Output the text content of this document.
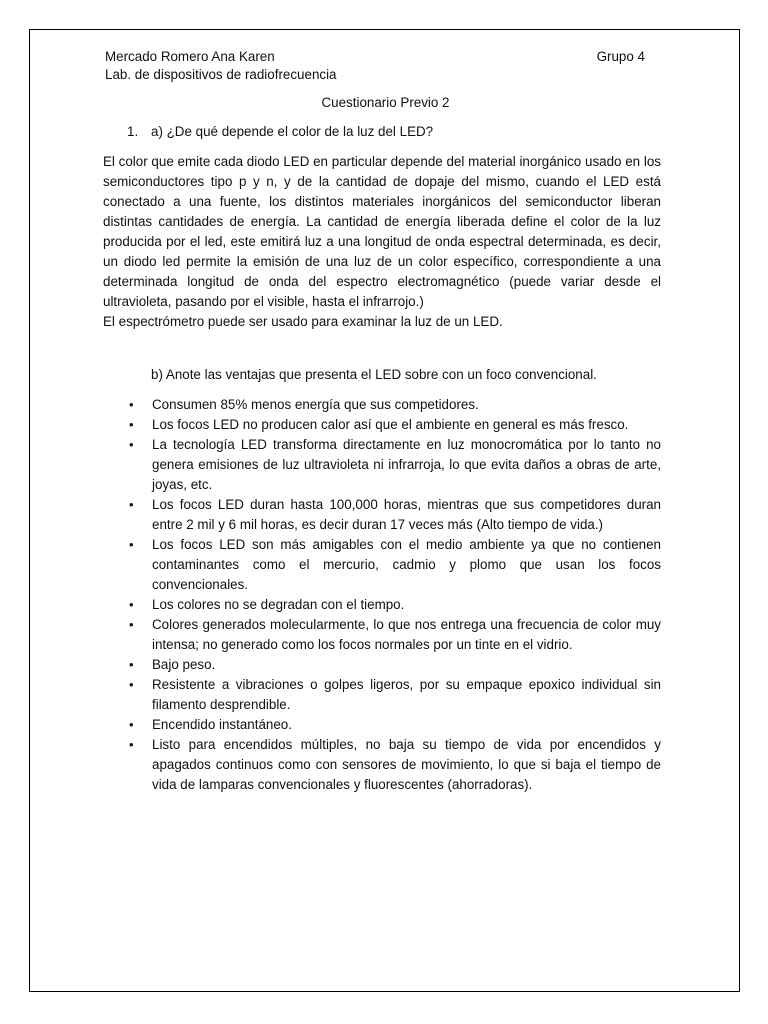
Mercado Romero Ana Karen	Grupo 4
Lab. de dispositivos de radiofrecuencia
Cuestionario Previo 2
1. a) ¿De qué depende el color de la luz del LED?

El color que emite cada diodo LED en particular depende del material inorgánico usado en los semiconductores tipo p y n, y de la cantidad de dopaje del mismo, cuando el LED está conectado a una fuente, los distintos materiales inorgánicos del semiconductor liberan distintas cantidades de energía. La cantidad de energía liberada define el color de la luz producida por el led, este emitirá luz a una longitud de onda espectral determinada, es decir, un diodo led permite la emisión de una luz de un color específico, correspondiente a una determinada longitud de onda del espectro electromagnético (puede variar desde el ultravioleta, pasando por el visible, hasta el infrarrojo.)

El espectrómetro puede ser usado para examinar la luz de un LED.

b) Anote las ventajas que presenta el LED sobre con un foco convencional.
• Consumen 85% menos energía que sus competidores.
• Los focos LED no producen calor así que el ambiente en general es más fresco.
• La tecnología LED transforma directamente en luz monocromática por lo tanto no genera emisiones de luz ultravioleta ni infrarroja, lo que evita daños a obras de arte, joyas, etc.
• Los focos LED duran hasta 100,000 horas, mientras que sus competidores duran entre 2 mil y 6 mil horas, es decir duran 17 veces más (Alto tiempo de vida.)
• Los focos LED son más amigables con el medio ambiente ya que no contienen contaminantes como el mercurio, cadmio y plomo que usan los focos convencionales.
• Los colores no se degradan con el tiempo.
• Colores generados molecularmente, lo que nos entrega una frecuencia de color muy intensa; no generado como los focos normales por un tinte en el vidrio.
• Bajo peso.
• Resistente a vibraciones o golpes ligeros, por su empaque epoxico individual sin filamento desprendible.
• Encendido instantáneo.
• Listo para encendidos múltiples, no baja su tiempo de vida por encendidos y apagados continuos como con sensores de movimiento, lo que si baja el tiempo de vida de lamparas convencionales y fluorescentes (ahorradoras).
